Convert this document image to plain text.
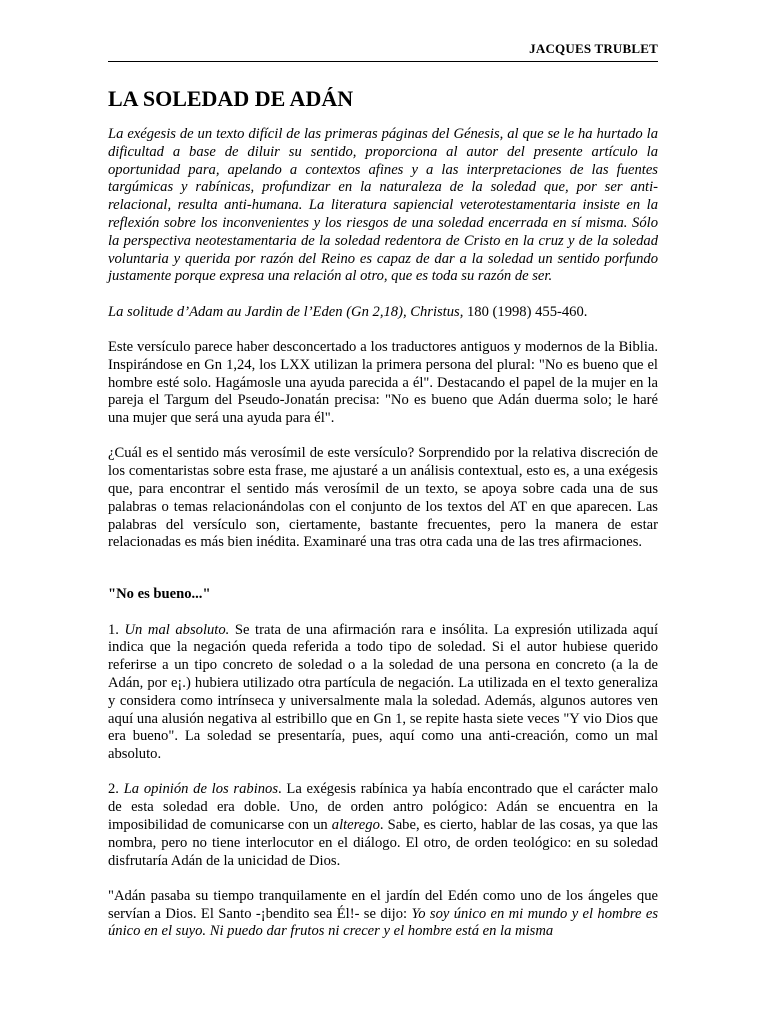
JACQUES TRUBLET
LA SOLEDAD DE ADÁN

La exégesis de un texto difícil de las primeras páginas del Génesis, al que se le ha hurtado la dificultad a base de diluir su sentido, proporciona al autor del presente artículo la oportunidad para, apelando a contextos afines y a las interpretaciones de las fuentes targúmicas y rabínicas, profundizar en la naturaleza de la soledad que, por ser anti-relacional, resulta anti-humana. La literatura sapiencial veterotestamentaria insiste en la reflexión sobre los inconvenientes y los riesgos de una soledad encerrada en sí misma. Sólo la perspectiva neotestamentaria de la soledad redentora de Cristo en la cruz y de la soledad voluntaria y querida por razón del Reino es capaz de dar a la soledad un sentido porfundo justamente porque expresa una relación al otro, que es toda su razón de ser.

La solitude d’Adam au Jardin de l’Eden (Gn 2,18), Christus, 180 (1998) 455-460.

Este versículo parece haber desconcertado a los traductores antiguos y modernos de la Biblia. Inspirándose en Gn 1,24, los LXX utilizan la primera persona del plural: "No es bueno que el hombre esté solo. Hagámosle una ayuda parecida a él". Destacando el papel de la mujer en la pareja el Targum del Pseudo-Jonatán precisa: "No es bueno que Adán duerma solo; le haré una mujer que será una ayuda para él".

¿Cuál es el sentido más verosímil de este versículo? Sorprendido por la relativa discreción de los comentaristas sobre esta frase, me ajustaré a un análisis contextual, esto es, a una exégesis que, para encontrar el sentido más verosímil de un texto, se apoya sobre cada una de sus palabras o temas relacionándolas con el conjunto de los textos del AT en que aparecen. Las palabras del versículo son, ciertamente, bastante frecuentes, pero la manera de estar relacionadas es más bien inédita. Examinaré una tras otra cada una de las tres afirmaciones.

"No es bueno..."

1. Un mal absoluto. Se trata de una afirmación rara e insólita. La expresión utilizada aquí indica que la negación queda referida a todo tipo de soledad. Si el autor hubiese querido referirse a un tipo concreto de soledad o a la soledad de una persona en concreto (a la de Adán, por e¡.) hubiera utilizado otra partícula de negación. La utilizada en el texto generaliza y considera como intrínseca y universalmente mala la soledad. Además, algunos autores ven aquí una alusión negativa al estribillo que en Gn 1, se repite hasta siete veces "Y vio Dios que era bueno". La soledad se presentaría, pues, aquí como una anti-creación, como un mal absoluto.

2. La opinión de los rabinos. La exégesis rabínica ya había encontrado que el carácter malo de esta soledad era doble. Uno, de orden antro pológico: Adán se encuentra en la imposibilidad de comunicarse con un alterego. Sabe, es cierto, hablar de las cosas, ya que las nombra, pero no tiene interlocutor en el diálogo. El otro, de orden teológico: en su soledad disfrutaría Adán de la unicidad de Dios.

"Adán pasaba su tiempo tranquilamente en el jardín del Edén como uno de los ángeles que servían a Dios. El Santo -¡bendito sea Él!- se dijo: Yo soy único en mi mundo y el hombre es único en el suyo. Ni puedo dar frutos ni crecer y el hombre está en la misma
